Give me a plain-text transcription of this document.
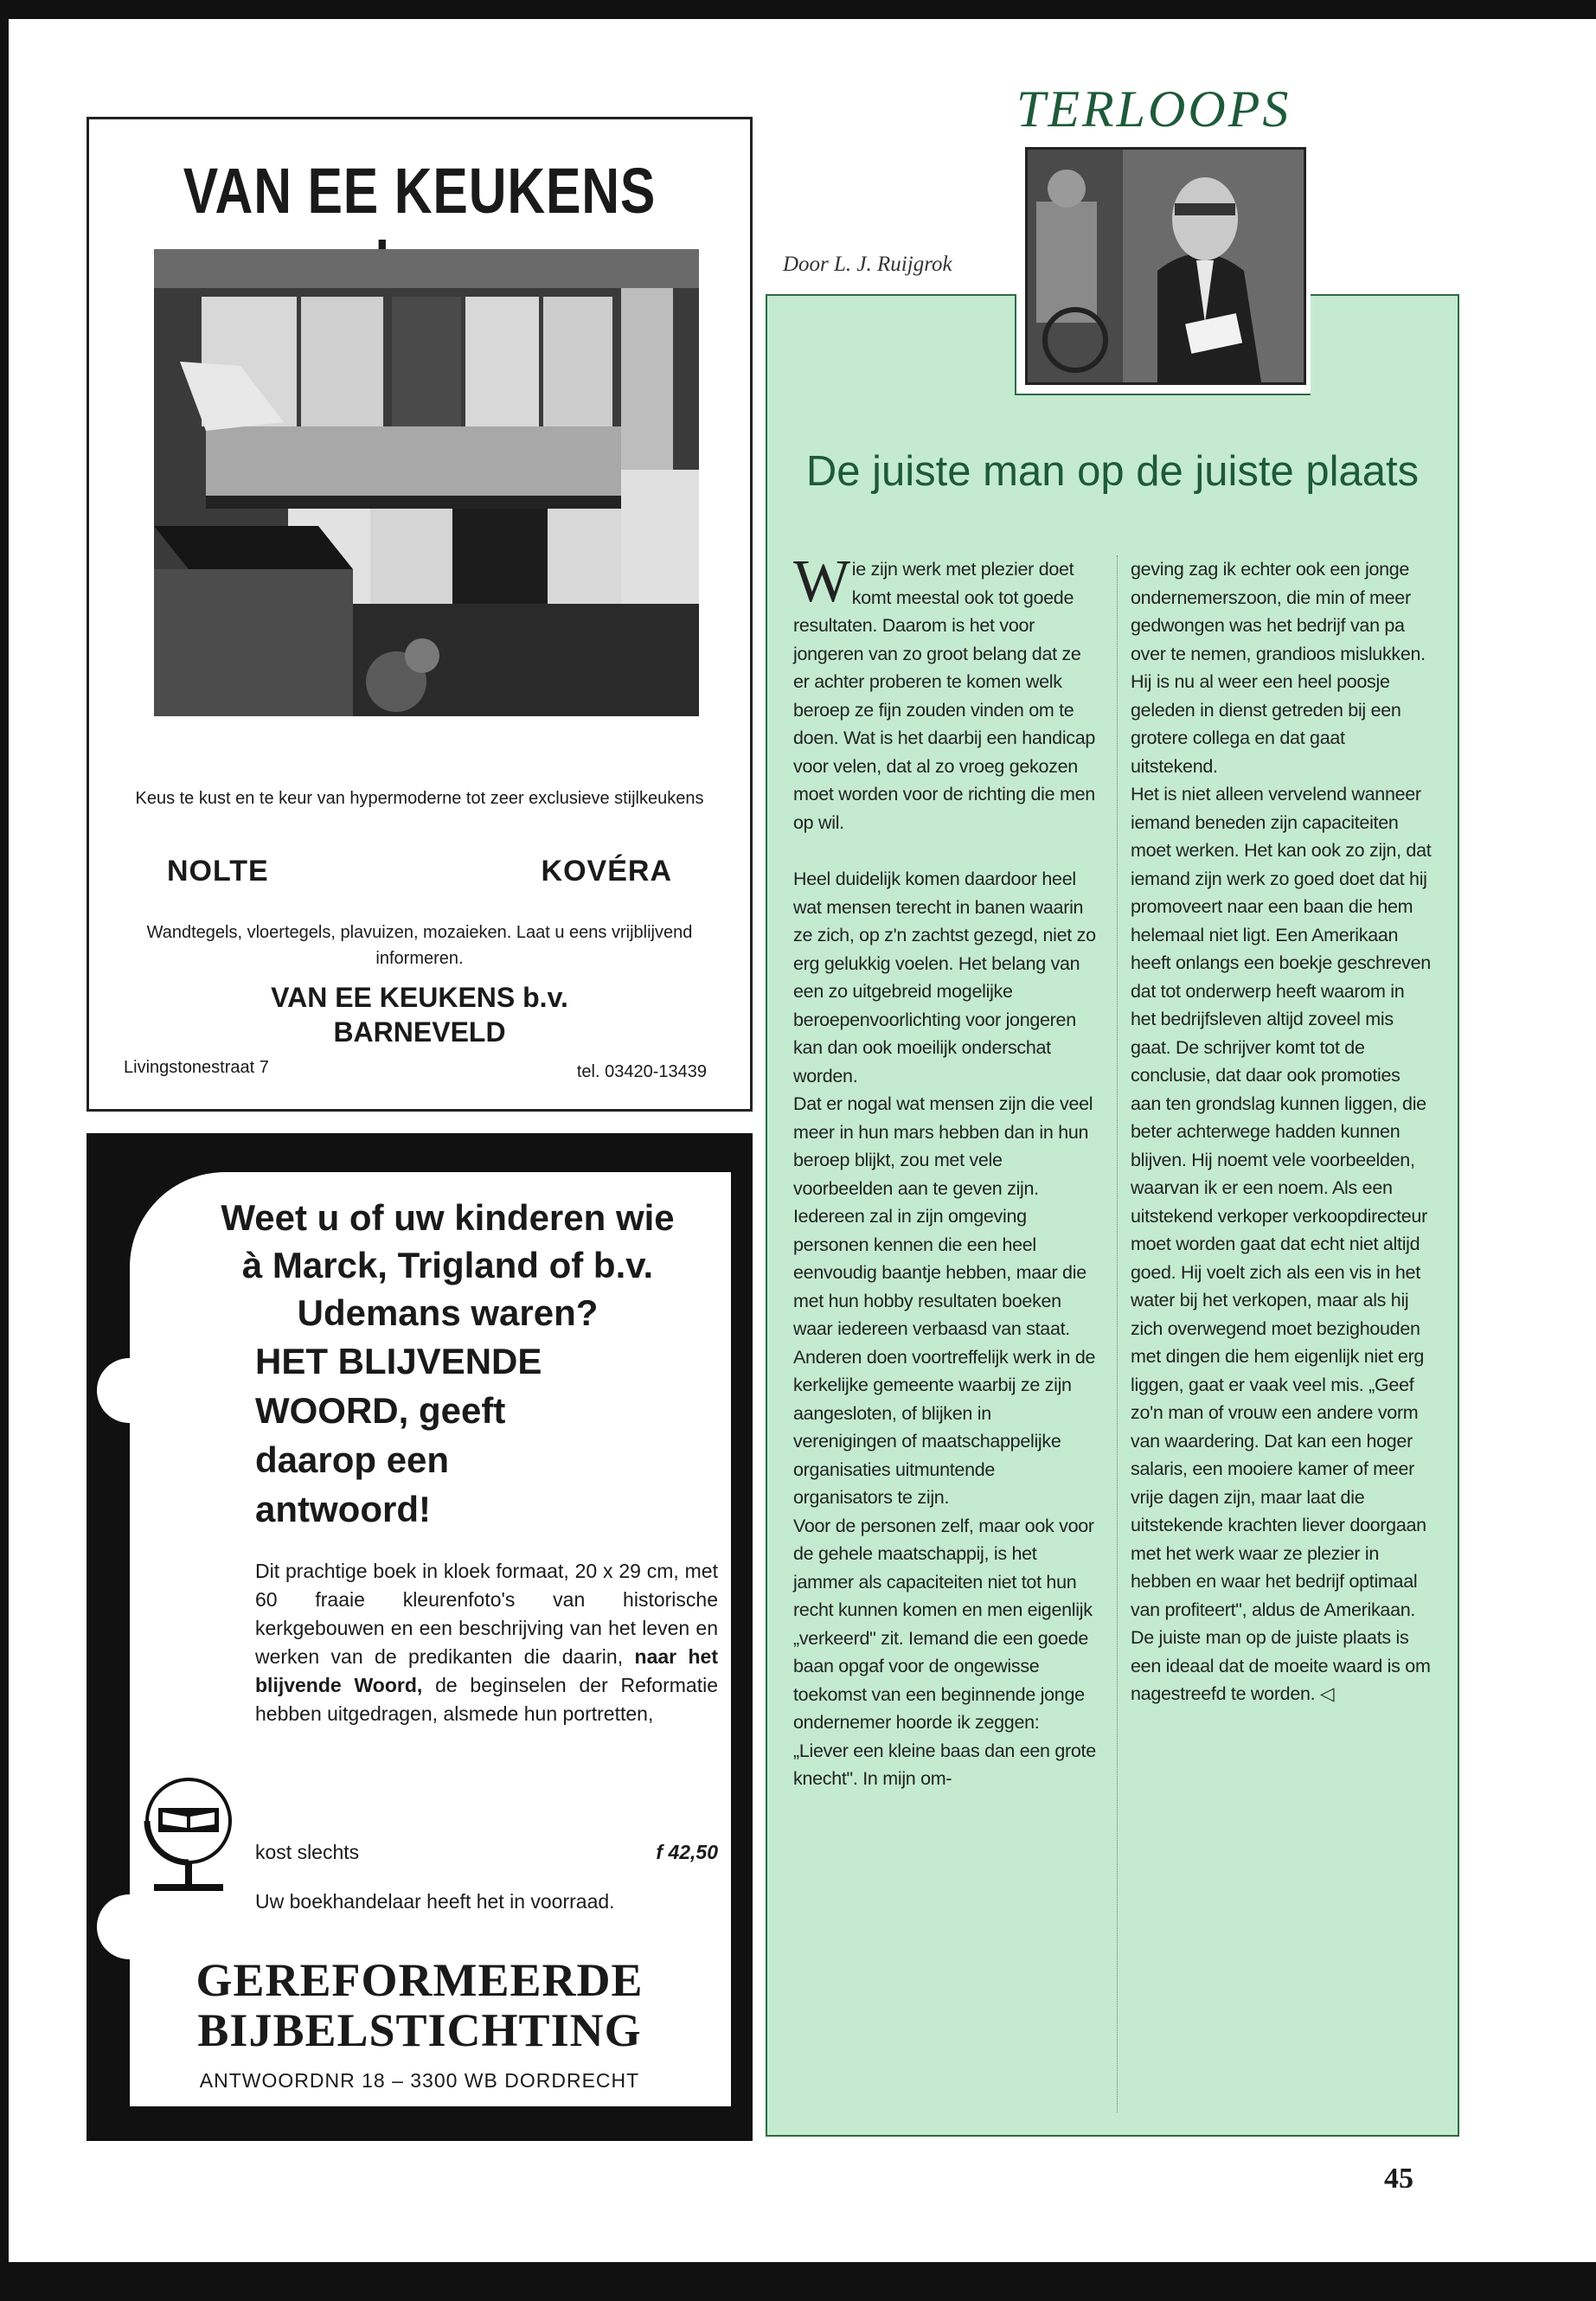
VAN EE KEUKENS
Keus te kust en te keur van hypermoderne tot zeer exclusieve stijlkeukens
NOLTE	KOVÉRA
Wandtegels, vloertegels, plavuizen, mozaieken. Laat u eens vrijblijvend informeren.
VAN EE KEUKENS b.v.
BARNEVELD
Livingstonestraat 7	tel. 03420-13439
Weet u of uw kinderen wie
à Marck, Trigland of b.v.
Udemans waren?
HET BLIJVENDE
WOORD, geeft
daarop een
antwoord!
Dit prachtige boek in kloek formaat, 20 x 29 cm, met 60 fraaie kleurenfoto's van historische kerkgebouwen en een beschrijving van het leven en werken van de predikanten die daarin, naar het blijvende Woord, de beginselen der Reformatie hebben uitgedragen, alsmede hun portretten,
kost slechts	f 42,50
Uw boekhandelaar heeft het in voorraad.
GEREFORMEERDE
BIJBELSTICHTING
ANTWOORDNR 18 – 3300 WB DORDRECHT
TERLOOPS
Door L. J. Ruijgrok
De juiste man op de juiste plaats

Wie zijn werk met plezier doet komt meestal ook tot goede resultaten. Daarom is het voor jongeren van zo groot belang dat ze er achter proberen te komen welk beroep ze fijn zouden vinden om te doen. Wat is het daarbij een handicap voor velen, dat al zo vroeg gekozen moet worden voor de richting die men op wil.

Heel duidelijk komen daardoor heel wat mensen terecht in banen waarin ze zich, op z'n zachtst gezegd, niet zo erg gelukkig voelen. Het belang van een zo uitgebreid mogelijke beroepenvoorlichting voor jongeren kan dan ook moeilijk onderschat worden.

Dat er nogal wat mensen zijn die veel meer in hun mars hebben dan in hun beroep blijkt, zou met vele voorbeelden aan te geven zijn. Iedereen zal in zijn omgeving personen kennen die een heel eenvoudig baantje hebben, maar die met hun hobby resultaten boeken waar iedereen verbaasd van staat. Anderen doen voortreffelijk werk in de kerkelijke gemeente waarbij ze zijn aangesloten, of blijken in verenigingen of maatschappelijke organisaties uitmuntende organisators te zijn.

Voor de personen zelf, maar ook voor de gehele maatschappij, is het jammer als capaciteiten niet tot hun recht kunnen komen en men eigenlijk „verkeerd" zit. Iemand die een goede baan opgaf voor de ongewisse toekomst van een beginnende jonge ondernemer hoorde ik zeggen: „Liever een kleine baas dan een grote knecht". In mijn om-

geving zag ik echter ook een jonge ondernemerszoon, die min of meer gedwongen was het bedrijf van pa over te nemen, grandioos mislukken. Hij is nu al weer een heel poosje geleden in dienst getreden bij een grotere collega en dat gaat uitstekend.

Het is niet alleen vervelend wanneer iemand beneden zijn capaciteiten moet werken. Het kan ook zo zijn, dat iemand zijn werk zo goed doet dat hij promoveert naar een baan die hem helemaal niet ligt. Een Amerikaan heeft onlangs een boekje geschreven dat tot onderwerp heeft waarom in het bedrijfsleven altijd zoveel mis gaat. De schrijver komt tot de conclusie, dat daar ook promoties aan ten grondslag kunnen liggen, die beter achterwege hadden kunnen blijven. Hij noemt vele voorbeelden, waarvan ik er een noem. Als een uitstekend verkoper verkoopdirecteur moet worden gaat dat echt niet altijd goed. Hij voelt zich als een vis in het water bij het verkopen, maar als hij zich overwegend moet bezighouden met dingen die hem eigenlijk niet erg liggen, gaat er vaak veel mis. „Geef zo'n man of vrouw een andere vorm van waardering. Dat kan een hoger salaris, een mooiere kamer of meer vrije dagen zijn, maar laat die uitstekende krachten liever doorgaan met het werk waar ze plezier in hebben en waar het bedrijf optimaal van profiteert", aldus de Amerikaan. De juiste man op de juiste plaats is een ideaal dat de moeite waard is om nagestreefd te worden. ◁

45
